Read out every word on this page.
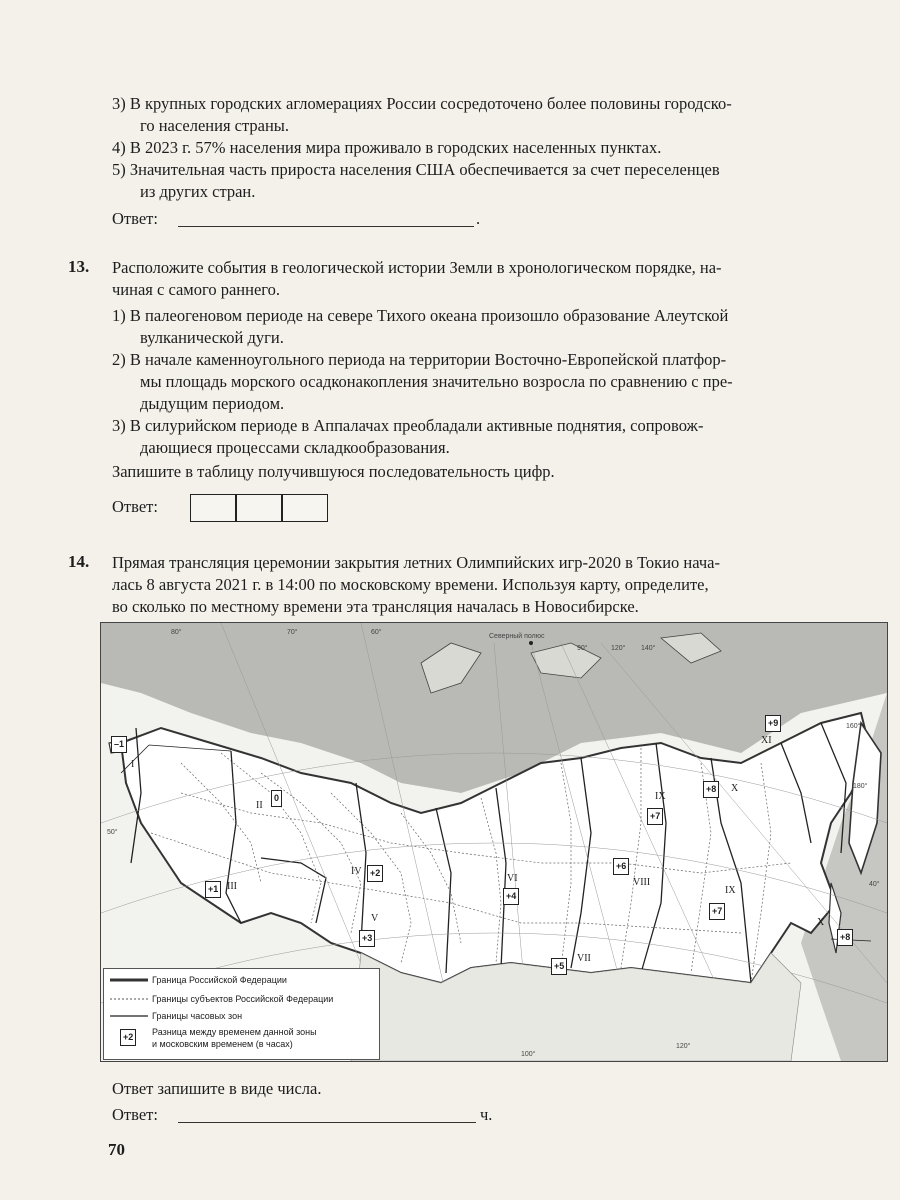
3) В крупных городских агломерациях России сосредоточено более половины городско-
го населения страны.
4) В 2023 г. 57% населения мира проживало в городских населенных пунктах.
5) Значительная часть прироста населения США обеспечивается за счет переселенцев
из других стран.
Ответ:	.
13. Расположите события в геологической истории Земли в хронологическом порядке, на-
чиная с самого раннего.
1) В палеогеновом периоде на севере Тихого океана произошло образование Алеутской
вулканической дуги.
2) В начале каменноугольного периода на территории Восточно-Европейской платфор-
мы площадь морского осадконакопления значительно возросла по сравнению с пре-
дыдущим периодом.
3) В силурийском периоде в Аппалачах преобладали активные поднятия, сопровож-
дающиеся процессами складкообразования.
Запишите в таблицу получившуюся последовательность цифр.
Ответ:
14. Прямая трансляция церемонии закрытия летних Олимпийских игр-2020 в Токио нача-
лась 8 августа 2021 г. в 14:00 по московскому времени. Используя карту, определите,
во сколько по местному времени эта трансляция началась в Новосибирске.
80°	70°	60°
90°	120° 140°
50°
40°
100°
120°
160°
180°
Северный полюс
–1
I
0
II
+1 III
+2
IV
+3
V
+4
VI
+5
VII
+6
VIII
+7
IX
+7
IX
+8	X
+8
X
+9
XI
Граница Российской Федерации
Границы субъектов Российской Федерации
Границы часовых зон
+2	Разница между временем данной зоны
и московским временем (в часах)
Ответ запишите в виде числа.
Ответ:	ч.
70
